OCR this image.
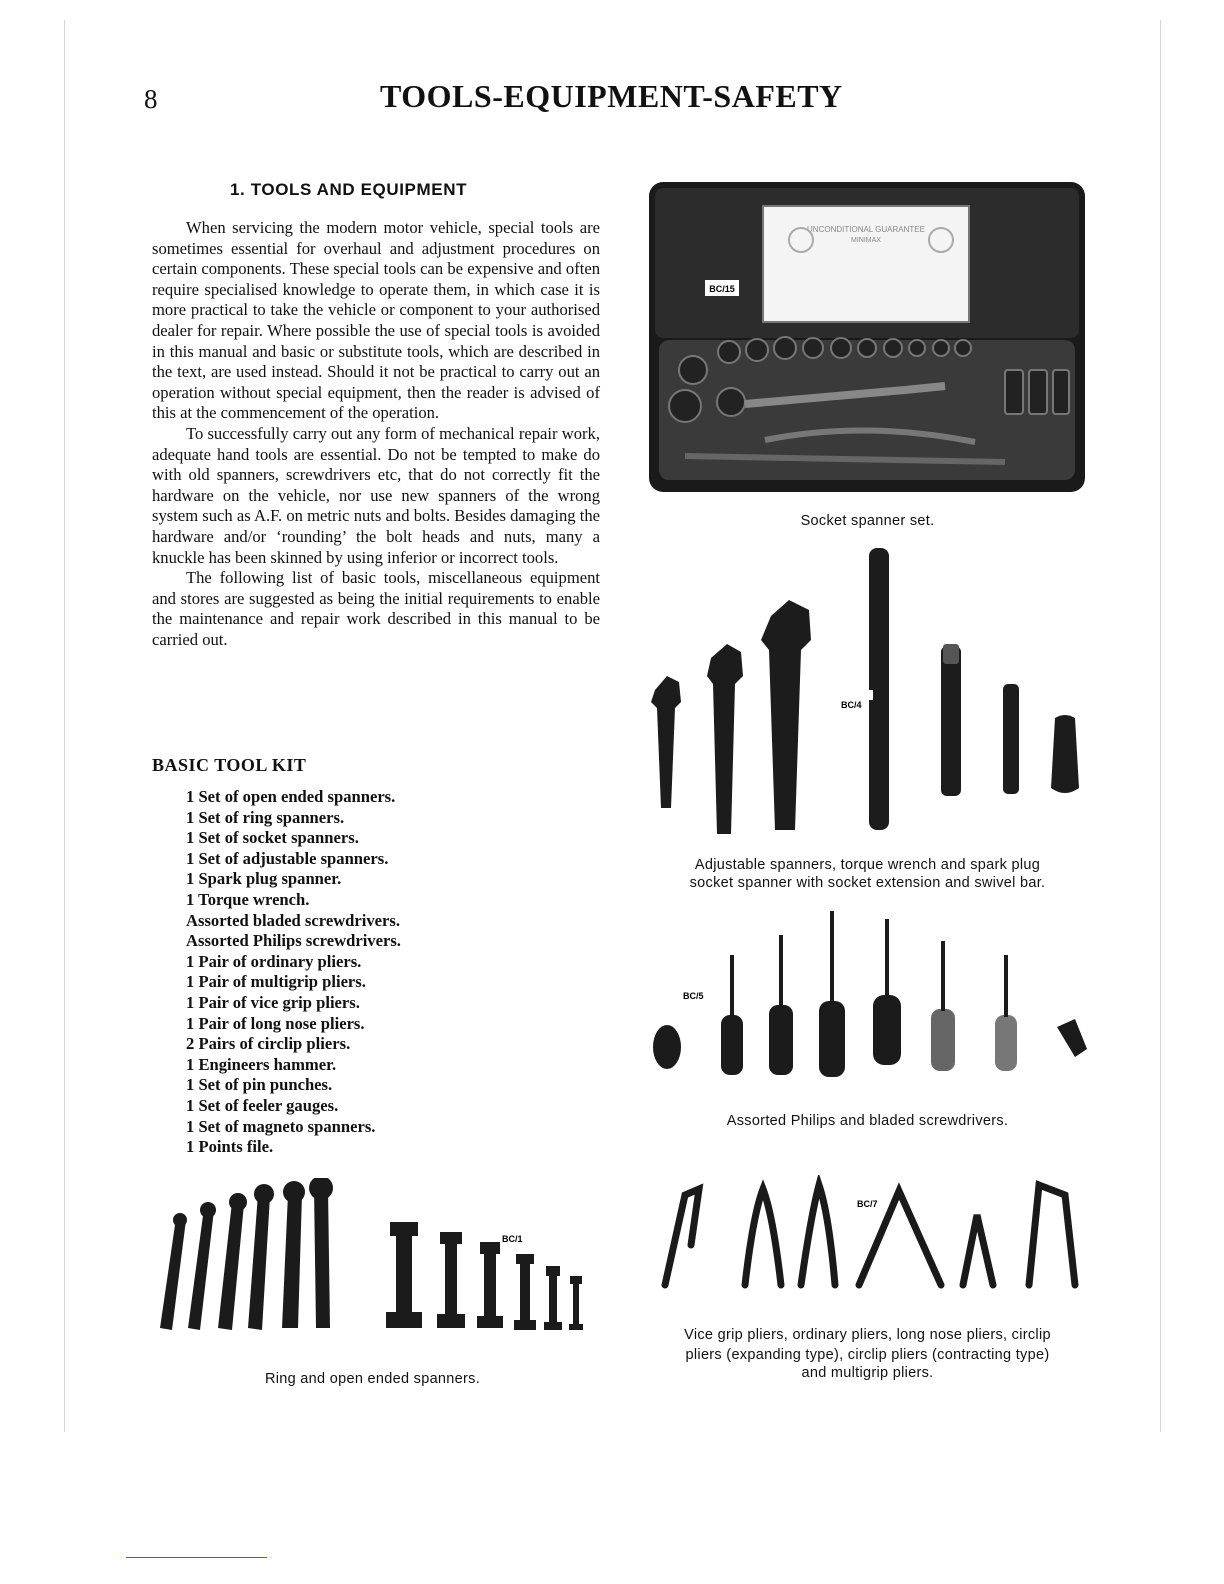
8	TOOLS-EQUIPMENT-SAFETY
1. TOOLS AND EQUIPMENT

When servicing the modern motor vehicle, special tools are sometimes essential for overhaul and adjustment procedures on certain components. These special tools can be expensive and often require specialised knowledge to operate them, in which case it is more practical to take the vehicle or component to your authorised dealer for repair. Where possible the use of special tools is avoided in this manual and basic or substitute tools, which are described in the text, are used instead. Should it not be practical to carry out an operation without special equipment, then the reader is advised of this at the commencement of the operation.

To successfully carry out any form of mechanical repair work, adequate hand tools are essential. Do not be tempted to make do with old spanners, screwdrivers etc, that do not correctly fit the hardware on the vehicle, nor use new spanners of the wrong system such as A.F. on metric nuts and bolts. Besides damaging the hardware and/or ‘rounding’ the bolt heads and nuts, many a knuckle has been skinned by using inferior or incorrect tools.

The following list of basic tools, miscellaneous equipment and stores are suggested as being the initial requirements to enable the maintenance and repair work described in this manual to be carried out.

BASIC TOOL KIT
1 Set of open ended spanners.
1 Set of ring spanners.
1 Set of socket spanners.
1 Set of adjustable spanners.
1 Spark plug spanner.
1 Torque wrench.
Assorted bladed screwdrivers.
Assorted Philips screwdrivers.
1 Pair of ordinary pliers.
1 Pair of multigrip pliers.
1 Pair of vice grip pliers.
1 Pair of long nose pliers.
2 Pairs of circlip pliers.
1 Engineers hammer.
1 Set of pin punches.
1 Set of feeler gauges.
1 Set of magneto spanners.
1 Points file.
UNCONDITIONAL GUARANTEE
MINIMAX
BC/15
Socket spanner set.
BC/4
Adjustable spanners, torque wrench and spark plug
socket spanner with socket extension and swivel bar.
BC/5
Assorted Philips and bladed screwdrivers.
BC/7
Vice grip pliers, ordinary pliers, long nose pliers, circlip
pliers (expanding type), circlip pliers (contracting type)
and multigrip pliers.
BC/1
Ring and open ended spanners.
